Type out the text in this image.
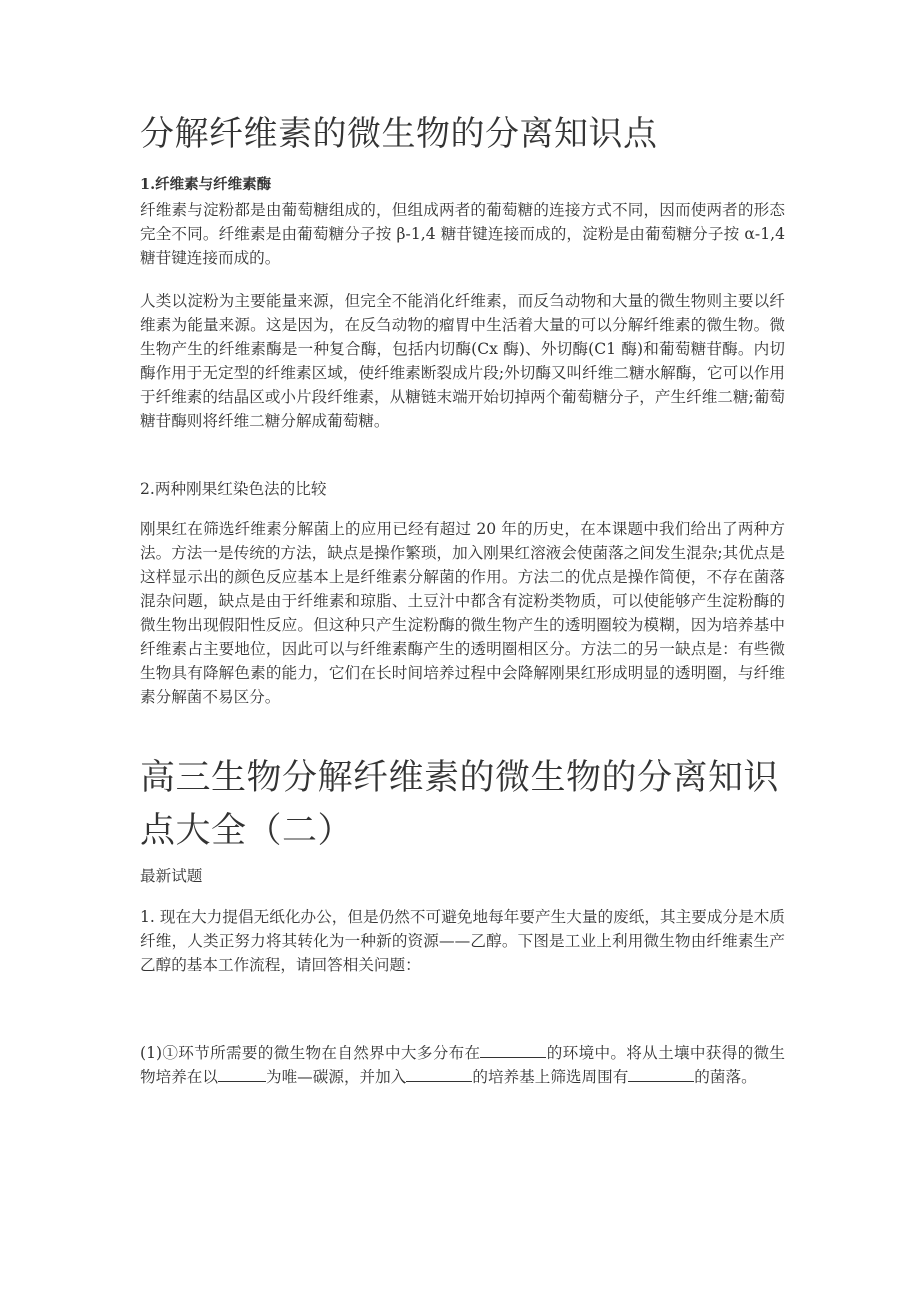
分解纤维素的微生物的分离知识点

1.纤维素与纤维素酶

纤维素与淀粉都是由葡萄糖组成的，但组成两者的葡萄糖的连接方式不同，因而使两者的形态完全不同。纤维素是由葡萄糖分子按 β-1,4 糖苷键连接而成的，淀粉是由葡萄糖分子按 α-1,4 糖苷键连接而成的。

人类以淀粉为主要能量来源，但完全不能消化纤维素，而反刍动物和大量的微生物则主要以纤维素为能量来源。这是因为，在反刍动物的瘤胃中生活着大量的可以分解纤维素的微生物。微生物产生的纤维素酶是一种复合酶，包括内切酶(Cx 酶)、外切酶(C1 酶)和葡萄糖苷酶。内切酶作用于无定型的纤维素区域，使纤维素断裂成片段;外切酶又叫纤维二糖水解酶，它可以作用于纤维素的结晶区或小片段纤维素，从糖链末端开始切掉两个葡萄糖分子，产生纤维二糖;葡萄糖苷酶则将纤维二糖分解成葡萄糖。

2.两种刚果红染色法的比较

刚果红在筛选纤维素分解菌上的应用已经有超过 20 年的历史，在本课题中我们给出了两种方法。方法一是传统的方法，缺点是操作繁琐，加入刚果红溶液会使菌落之间发生混杂;其优点是这样显示出的颜色反应基本上是纤维素分解菌的作用。方法二的优点是操作简便，不存在菌落混杂问题，缺点是由于纤维素和琼脂、土豆汁中都含有淀粉类物质，可以使能够产生淀粉酶的微生物出现假阳性反应。但这种只产生淀粉酶的微生物产生的透明圈较为模糊，因为培养基中纤维素占主要地位，因此可以与纤维素酶产生的透明圈相区分。方法二的另一缺点是：有些微生物具有降解色素的能力，它们在长时间培养过程中会降解刚果红形成明显的透明圈，与纤维素分解菌不易区分。

高三生物分解纤维素的微生物的分离知识点大全（二）

最新试题

1. 现在大力提倡无纸化办公，但是仍然不可避免地每年要产生大量的废纸，其主要成分是木质纤维，人类正努力将其转化为一种新的资源——乙醇。下图是工业上利用微生物由纤维素生产乙醇的基本工作流程，请回答相关问题：

(1)①环节所需要的微生物在自然界中大多分布在	的环境中。将从土壤中获得的微生物培养在以	为唯—碳源，并加入	的培养基上筛选周围有	的菌落。
